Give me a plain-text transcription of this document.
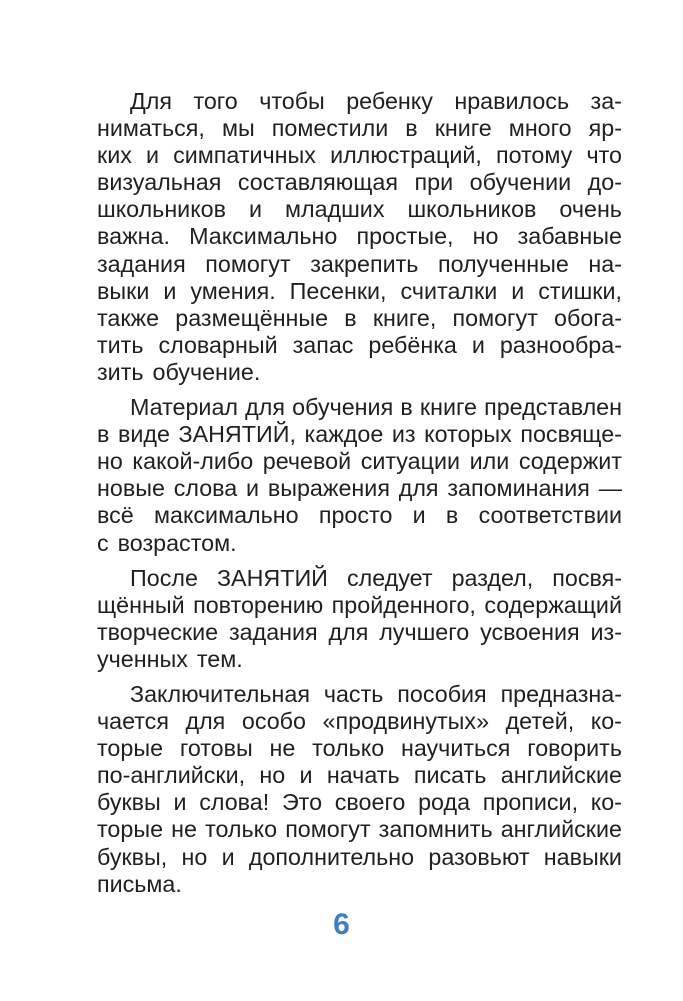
Для того чтобы ребенку нравилось за-
ниматься, мы поместили в книге много яр-
ких и симпатичных иллюстраций, потому что
визуальная составляющая при обучении до-
школьников и младших школьников очень
важна. Максимально простые, но забавные
задания помогут закрепить полученные на-
выки и умения. Песенки, считалки и стишки,
также размещённые в книге, помогут обога-
тить словарный запас ребёнка и разнообра-
зить обучение.
Материал для обучения в книге представлен
в виде ЗАНЯТИЙ, каждое из которых посвяще-
но какой-либо речевой ситуации или содержит
новые слова и выражения для запоминания —
всё максимально просто и в соответствии
с возрастом.
После ЗАНЯТИЙ следует раздел, посвя-
щённый повторению пройденного, содержащий
творческие задания для лучшего усвоения из-
ученных тем.
Заключительная часть пособия предназна-
чается для особо «продвинутых» детей, ко-
торые готовы не только научиться говорить
по-английски, но и начать писать английские
буквы и слова! Это своего рода прописи, ко-
торые не только помогут запомнить английские
буквы, но и дополнительно разовьют навыки
письма.
6
